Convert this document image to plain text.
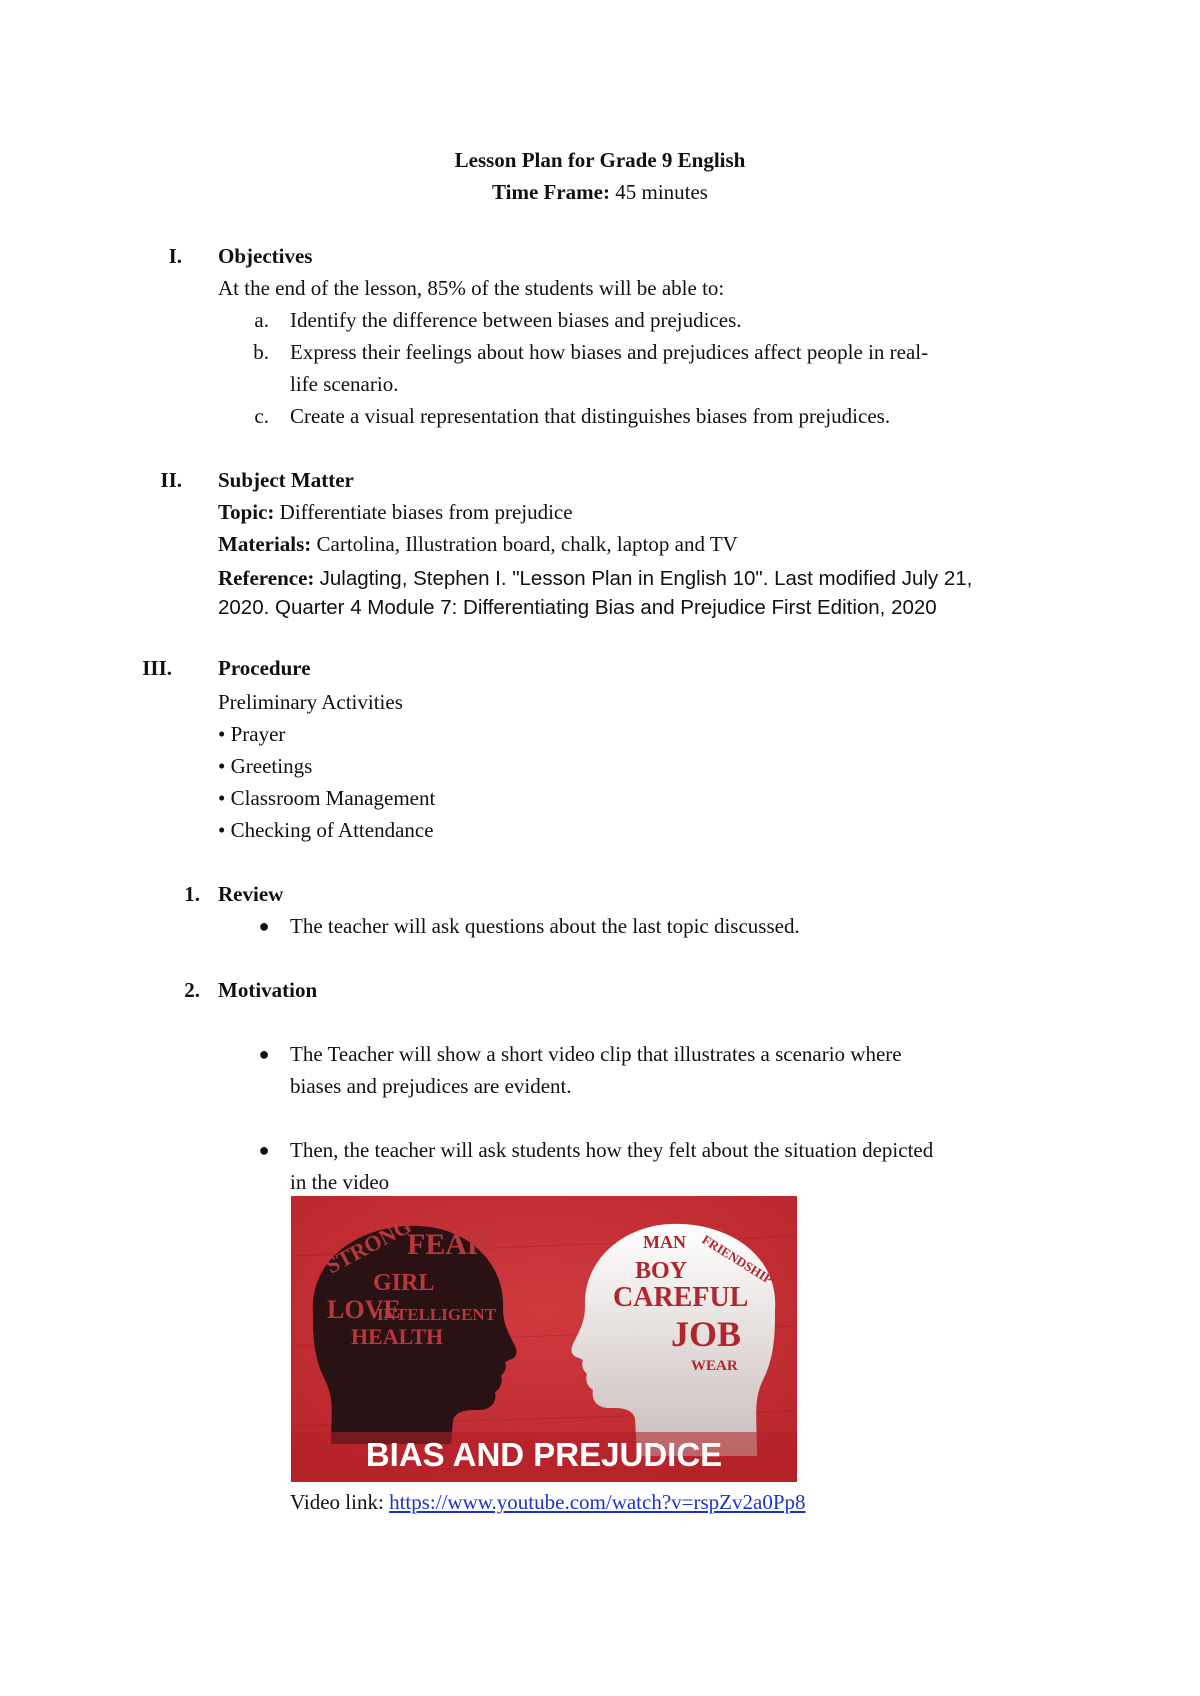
Lesson Plan for Grade 9 English
Time Frame: 45 minutes
I. Objectives
At the end of the lesson, 85% of the students will be able to:
a. Identify the difference between biases and prejudices.
b. Express their feelings about how biases and prejudices affect people in real-
life scenario.
c. Create a visual representation that distinguishes biases from prejudices.
II. Subject Matter
Topic: Differentiate biases from prejudice
Materials: Cartolina, Illustration board, chalk, laptop and TV
Reference: Julagting, Stephen I. "Lesson Plan in English 10". Last modified July 21,
2020. Quarter 4 Module 7: Differentiating Bias and Prejudice First Edition, 2020
III. Procedure
Preliminary Activities
• Prayer
• Greetings
• Classroom Management
• Checking of Attendance
1. Review
● The teacher will ask questions about the last topic discussed.
2. Motivation
● The Teacher will show a short video clip that illustrates a scenario where
biases and prejudices are evident.
● Then, the teacher will ask students how they felt about the situation depicted
in the video
STRONG
FEAR
GIRL
LOVE
INTELLIGENT
HEALTH
MAN
BOY FRIENDSHIP
CAREFUL
JOB
WEAR
BIAS AND PREJUDICE
Video link: https://www.youtube.com/watch?v=rspZv2a0Pp8
